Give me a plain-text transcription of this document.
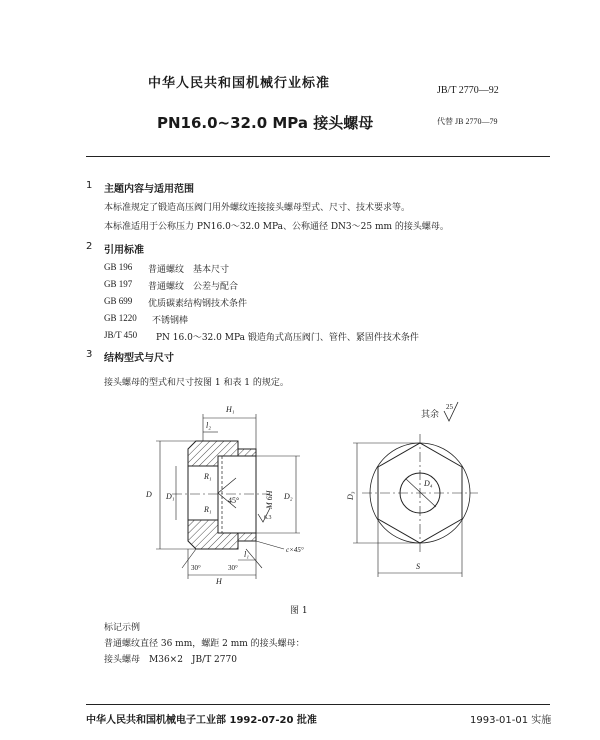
中华人民共和国机械行业标准	JB/T 2770—92
PN16.0~32.0 MPa 接头螺母	代替 JB 2770—79
1 主题内容与适用范围
本标准规定了锻造高压阀门用外螺纹连接接头螺母型式、尺寸、技术要求等。
本标准适用于公称压力 PN16.0～32.0 MPa、公称通径 DN3～25 mm 的接头螺母。
2 引用标准
GB 196 普通螺纹　基本尺寸
GB 197 普通螺纹　公差与配合
GB 699 优质碳素结构钢技术条件
GB 1220 不锈钢棒
JB/T 450 PN 16.0～32.0 MPa 锻造角式高压阀门、管件、紧固件技术条件
3 结构型式与尺寸
接头螺母的型式和尺寸按图 1 和表 1 的规定。
其余
25
H₁
l₂
R₁
R₁
45°
D D₁	M 6H D₂
6.3
c×45°
l₁
30°	30°
H
D₃
D₄
S
图 1
标记示例
普通螺纹直径 36 mm，螺距 2 mm 的接头螺母：
接头螺母　M36×2　JB/T 2770
中华人民共和国机械电子工业部 1992-07-20 批准	1993-01-01 实施
